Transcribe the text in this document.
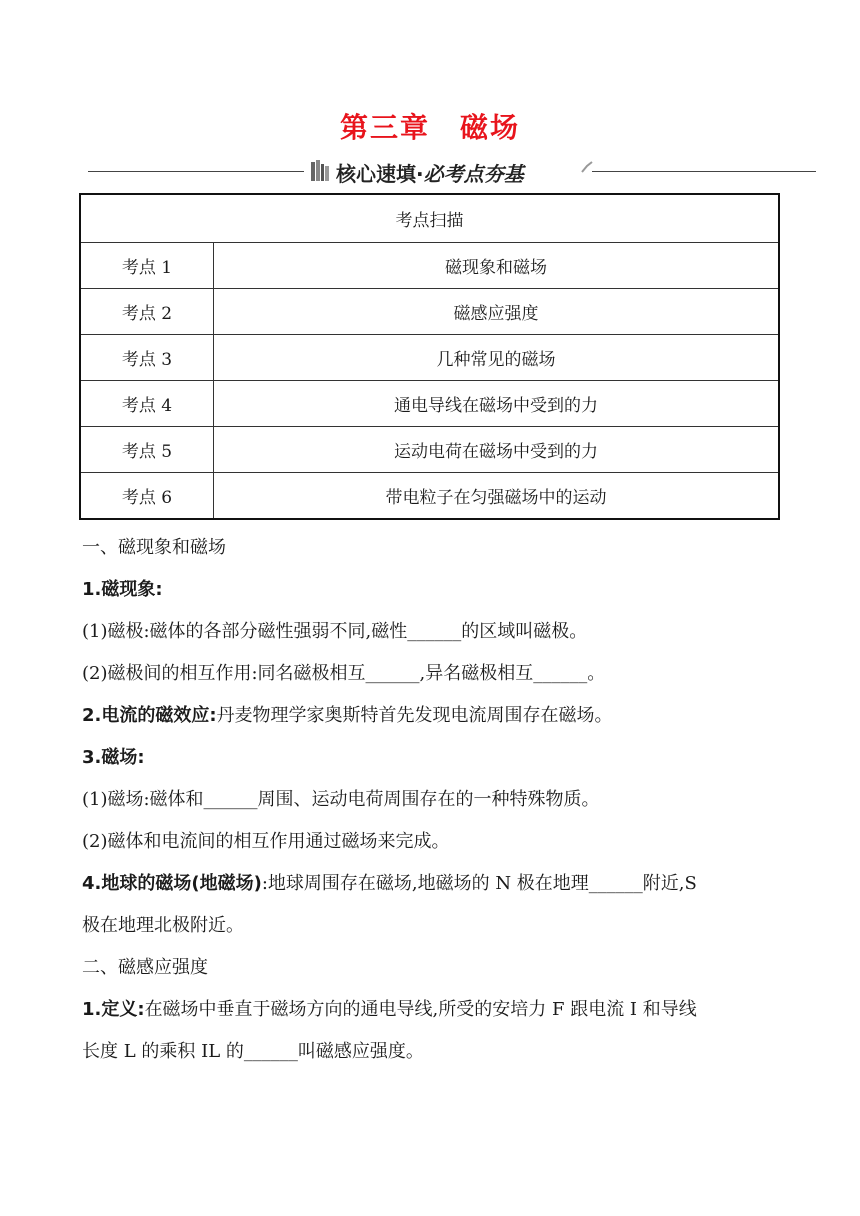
第三章　磁场
核心速填·必考点夯基
考点扫描	
考点 1	磁现象和磁场
考点 2	磁感应强度
考点 3	几种常见的磁场
考点 4	通电导线在磁场中受到的力
考点 5	运动电荷在磁场中受到的力
考点 6	带电粒子在匀强磁场中的运动

一、磁现象和磁场

1.磁现象:

(1)磁极:磁体的各部分磁性强弱不同,磁性______的区域叫磁极。

(2)磁极间的相互作用:同名磁极相互______,异名磁极相互______。

2.电流的磁效应:丹麦物理学家奥斯特首先发现电流周围存在磁场。

3.磁场:

(1)磁场:磁体和______周围、运动电荷周围存在的一种特殊物质。

(2)磁体和电流间的相互作用通过磁场来完成。

4.地球的磁场(地磁场):地球周围存在磁场,地磁场的 N 极在地理______附近,S

极在地理北极附近。

二、磁感应强度

1.定义:在磁场中垂直于磁场方向的通电导线,所受的安培力 F 跟电流 I 和导线

长度 L 的乘积 IL 的______叫磁感应强度。
